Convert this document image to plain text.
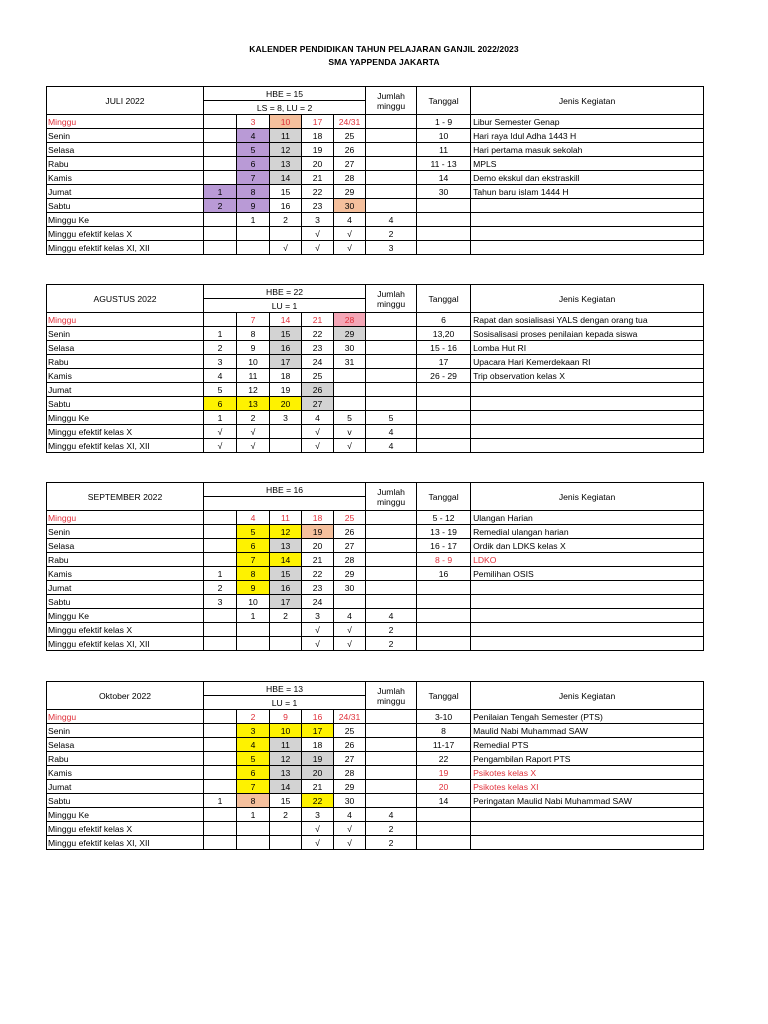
KALENDER PENDIDIKAN TAHUN PELAJARAN GANJIL 2022/2023
SMA YAPPENDA JAKARTA
JULI 2022	HBE = 15					Jumlah minggu	Tanggal	Jenis Kegiatan
	LS = 8, LU = 2							
Minggu		3	10	17	24/31		1 - 9	Libur Semester Genap
Senin		4	11	18	25		10	Hari raya Idul Adha 1443 H
Selasa		5	12	19	26		11	Hari pertama masuk sekolah
Rabu		6	13	20	27		11 - 13	MPLS
Kamis		7	14	21	28		14	Demo ekskul dan ekstraskill
Jumat	1	8	15	22	29		30	Tahun baru islam 1444 H
Sabtu	2	9	16	23	30			
Minggu Ke		1	2	3	4	4		
Minggu efektif kelas X				√	√	2		
Minggu efektif kelas XI, XII			√	√	√	3		
AGUSTUS 2022	HBE = 22					Jumlah minggu	Tanggal	Jenis Kegiatan
	LU = 1							
Minggu		7	14	21	28		6	Rapat dan sosialisasi YALS dengan orang tua
Senin	1	8	15	22	29		13,20	Sosisalisasi proses penilaian kepada siswa
Selasa	2	9	16	23	30		15 - 16	Lomba Hut RI
Rabu	3	10	17	24	31		17	Upacara Hari Kemerdekaan RI
Kamis	4	11	18	25			26 - 29	Trip observation kelas X
Jumat	5	12	19	26				
Sabtu	6	13	20	27				
Minggu Ke	1	2	3	4	5	5		
Minggu efektif kelas X	√	√		√	v	4		
Minggu efektif kelas XI, XII	√	√		√	√	4		
SEPTEMBER 2022	HBE = 16					Jumlah minggu	Tanggal	Jenis Kegiatan

Minggu		4	11	18	25		5 - 12	Ulangan Harian
Senin		5	12	19	26		13 - 19	Remedial ulangan harian
Selasa		6	13	20	27		16 - 17	Ordik dan LDKS kelas X
Rabu		7	14	21	28		8 - 9	LDKO
Kamis	1	8	15	22	29		16	Pemilihan OSIS
Jumat	2	9	16	23	30			
Sabtu	3	10	17	24				
Minggu Ke		1	2	3	4	4		
Minggu efektif kelas X				√	√	2		
Minggu efektif kelas XI, XII				√	√	2		
Oktober 2022	HBE = 13					Jumlah minggu	Tanggal	Jenis Kegiatan
	LU = 1							
Minggu		2	9	16	24/31		3-10	Penilaian Tengah Semester (PTS)
Senin		3	10	17	25		8	Maulid Nabi Muhammad SAW
Selasa		4	11	18	26		11-17	Remedial PTS
Rabu		5	12	19	27		22	Pengambilan Raport PTS
Kamis		6	13	20	28		19	Psikotes kelas X
Jumat		7	14	21	29		20	Psikotes kelas XI
Sabtu	1	8	15	22	30		14	Peringatan Maulid Nabi Muhammad SAW
Minggu Ke		1	2	3	4	4		
Minggu efektif kelas X				√	√	2		
Minggu efektif kelas XI, XII				√	√	2		
